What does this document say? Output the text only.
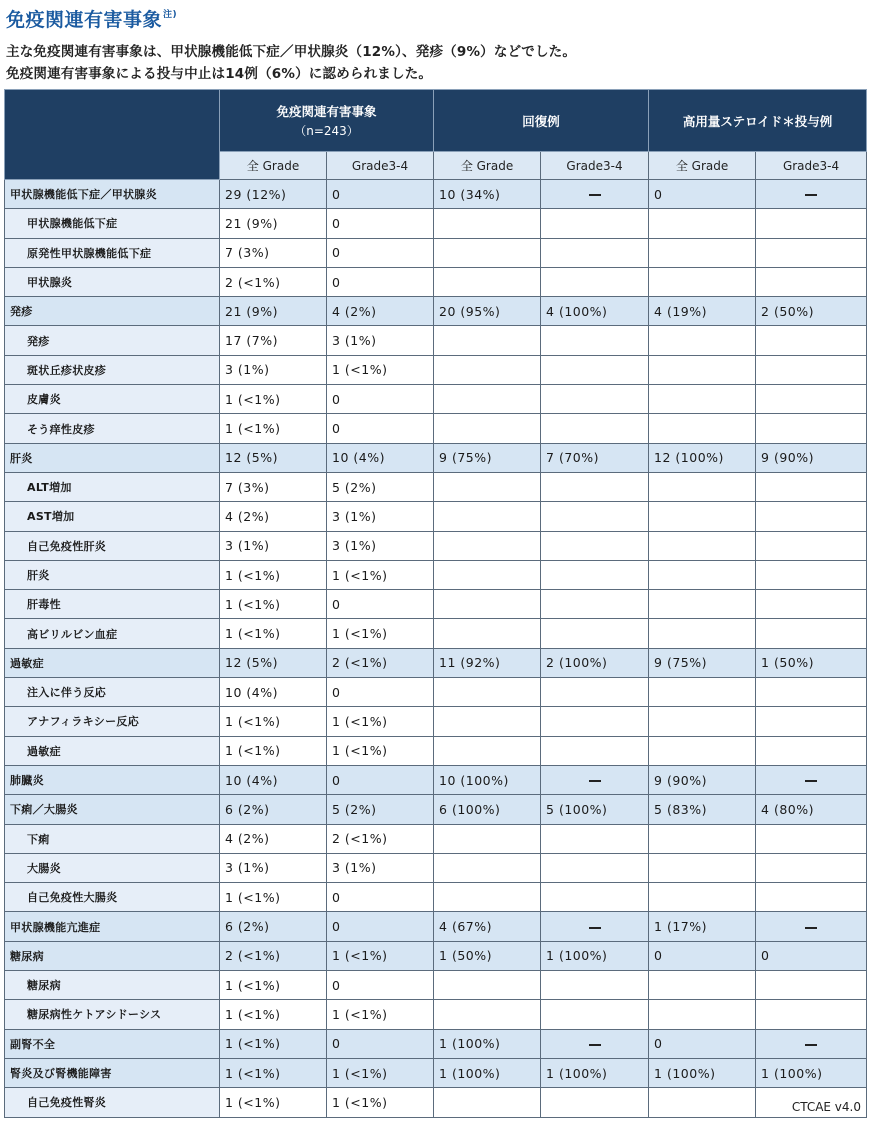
免疫関連有害事象$^{注)}$
主な免疫関連有害事象は、甲状腺機能低下症／甲状腺炎（12%）、発疹（9%）などでした。
免疫関連有害事象による投与中止は14例（6%）に認められました。
	免疫関連有害事象
（n=243）		回復例		高用量ステロイド＊投与例	
	全 Grade	Grade3-4	全 Grade	Grade3-4	全 Grade	Grade3-4
甲状腺機能低下症／甲状腺炎	29 (12%)	0	10 (34%)		0	
甲状腺機能低下症	21 (9%)	0				
原発性甲状腺機能低下症	7 (3%)	0				
甲状腺炎	2 (<1%)	0				
発疹	21 (9%)	4 (2%)	20 (95%)	4 (100%)	4 (19%)	2 (50%)
発疹	17 (7%)	3 (1%)				
斑状丘疹状皮疹	3 (1%)	1 (<1%)				
皮膚炎	1 (<1%)	0				
そう痒性皮疹	1 (<1%)	0				
肝炎	12 (5%)	10 (4%)	9 (75%)	7 (70%)	12 (100%)	9 (90%)
ALT増加	7 (3%)	5 (2%)				
AST増加	4 (2%)	3 (1%)				
自己免疫性肝炎	3 (1%)	3 (1%)				
肝炎	1 (<1%)	1 (<1%)				
肝毒性	1 (<1%)	0				
高ビリルビン血症	1 (<1%)	1 (<1%)				
過敏症	12 (5%)	2 (<1%)	11 (92%)	2 (100%)	9 (75%)	1 (50%)
注入に伴う反応	10 (4%)	0				
アナフィラキシー反応	1 (<1%)	1 (<1%)				
過敏症	1 (<1%)	1 (<1%)				
肺臓炎	10 (4%)	0	10 (100%)		9 (90%)	
下痢／大腸炎	6 (2%)	5 (2%)	6 (100%)	5 (100%)	5 (83%)	4 (80%)
下痢	4 (2%)	2 (<1%)				
大腸炎	3 (1%)	3 (1%)				
自己免疫性大腸炎	1 (<1%)	0				
甲状腺機能亢進症	6 (2%)	0	4 (67%)		1 (17%)	
糖尿病	2 (<1%)	1 (<1%)	1 (50%)	1 (100%)	0	0
糖尿病	1 (<1%)	0				
糖尿病性ケトアシドーシス	1 (<1%)	1 (<1%)				
副腎不全	1 (<1%)	0	1 (100%)		0	
腎炎及び腎機能障害	1 (<1%)	1 (<1%)	1 (100%)	1 (100%)	1 (100%)	1 (100%)
自己免疫性腎炎	1 (<1%)	1 (<1%)					CTCAE v4.0
